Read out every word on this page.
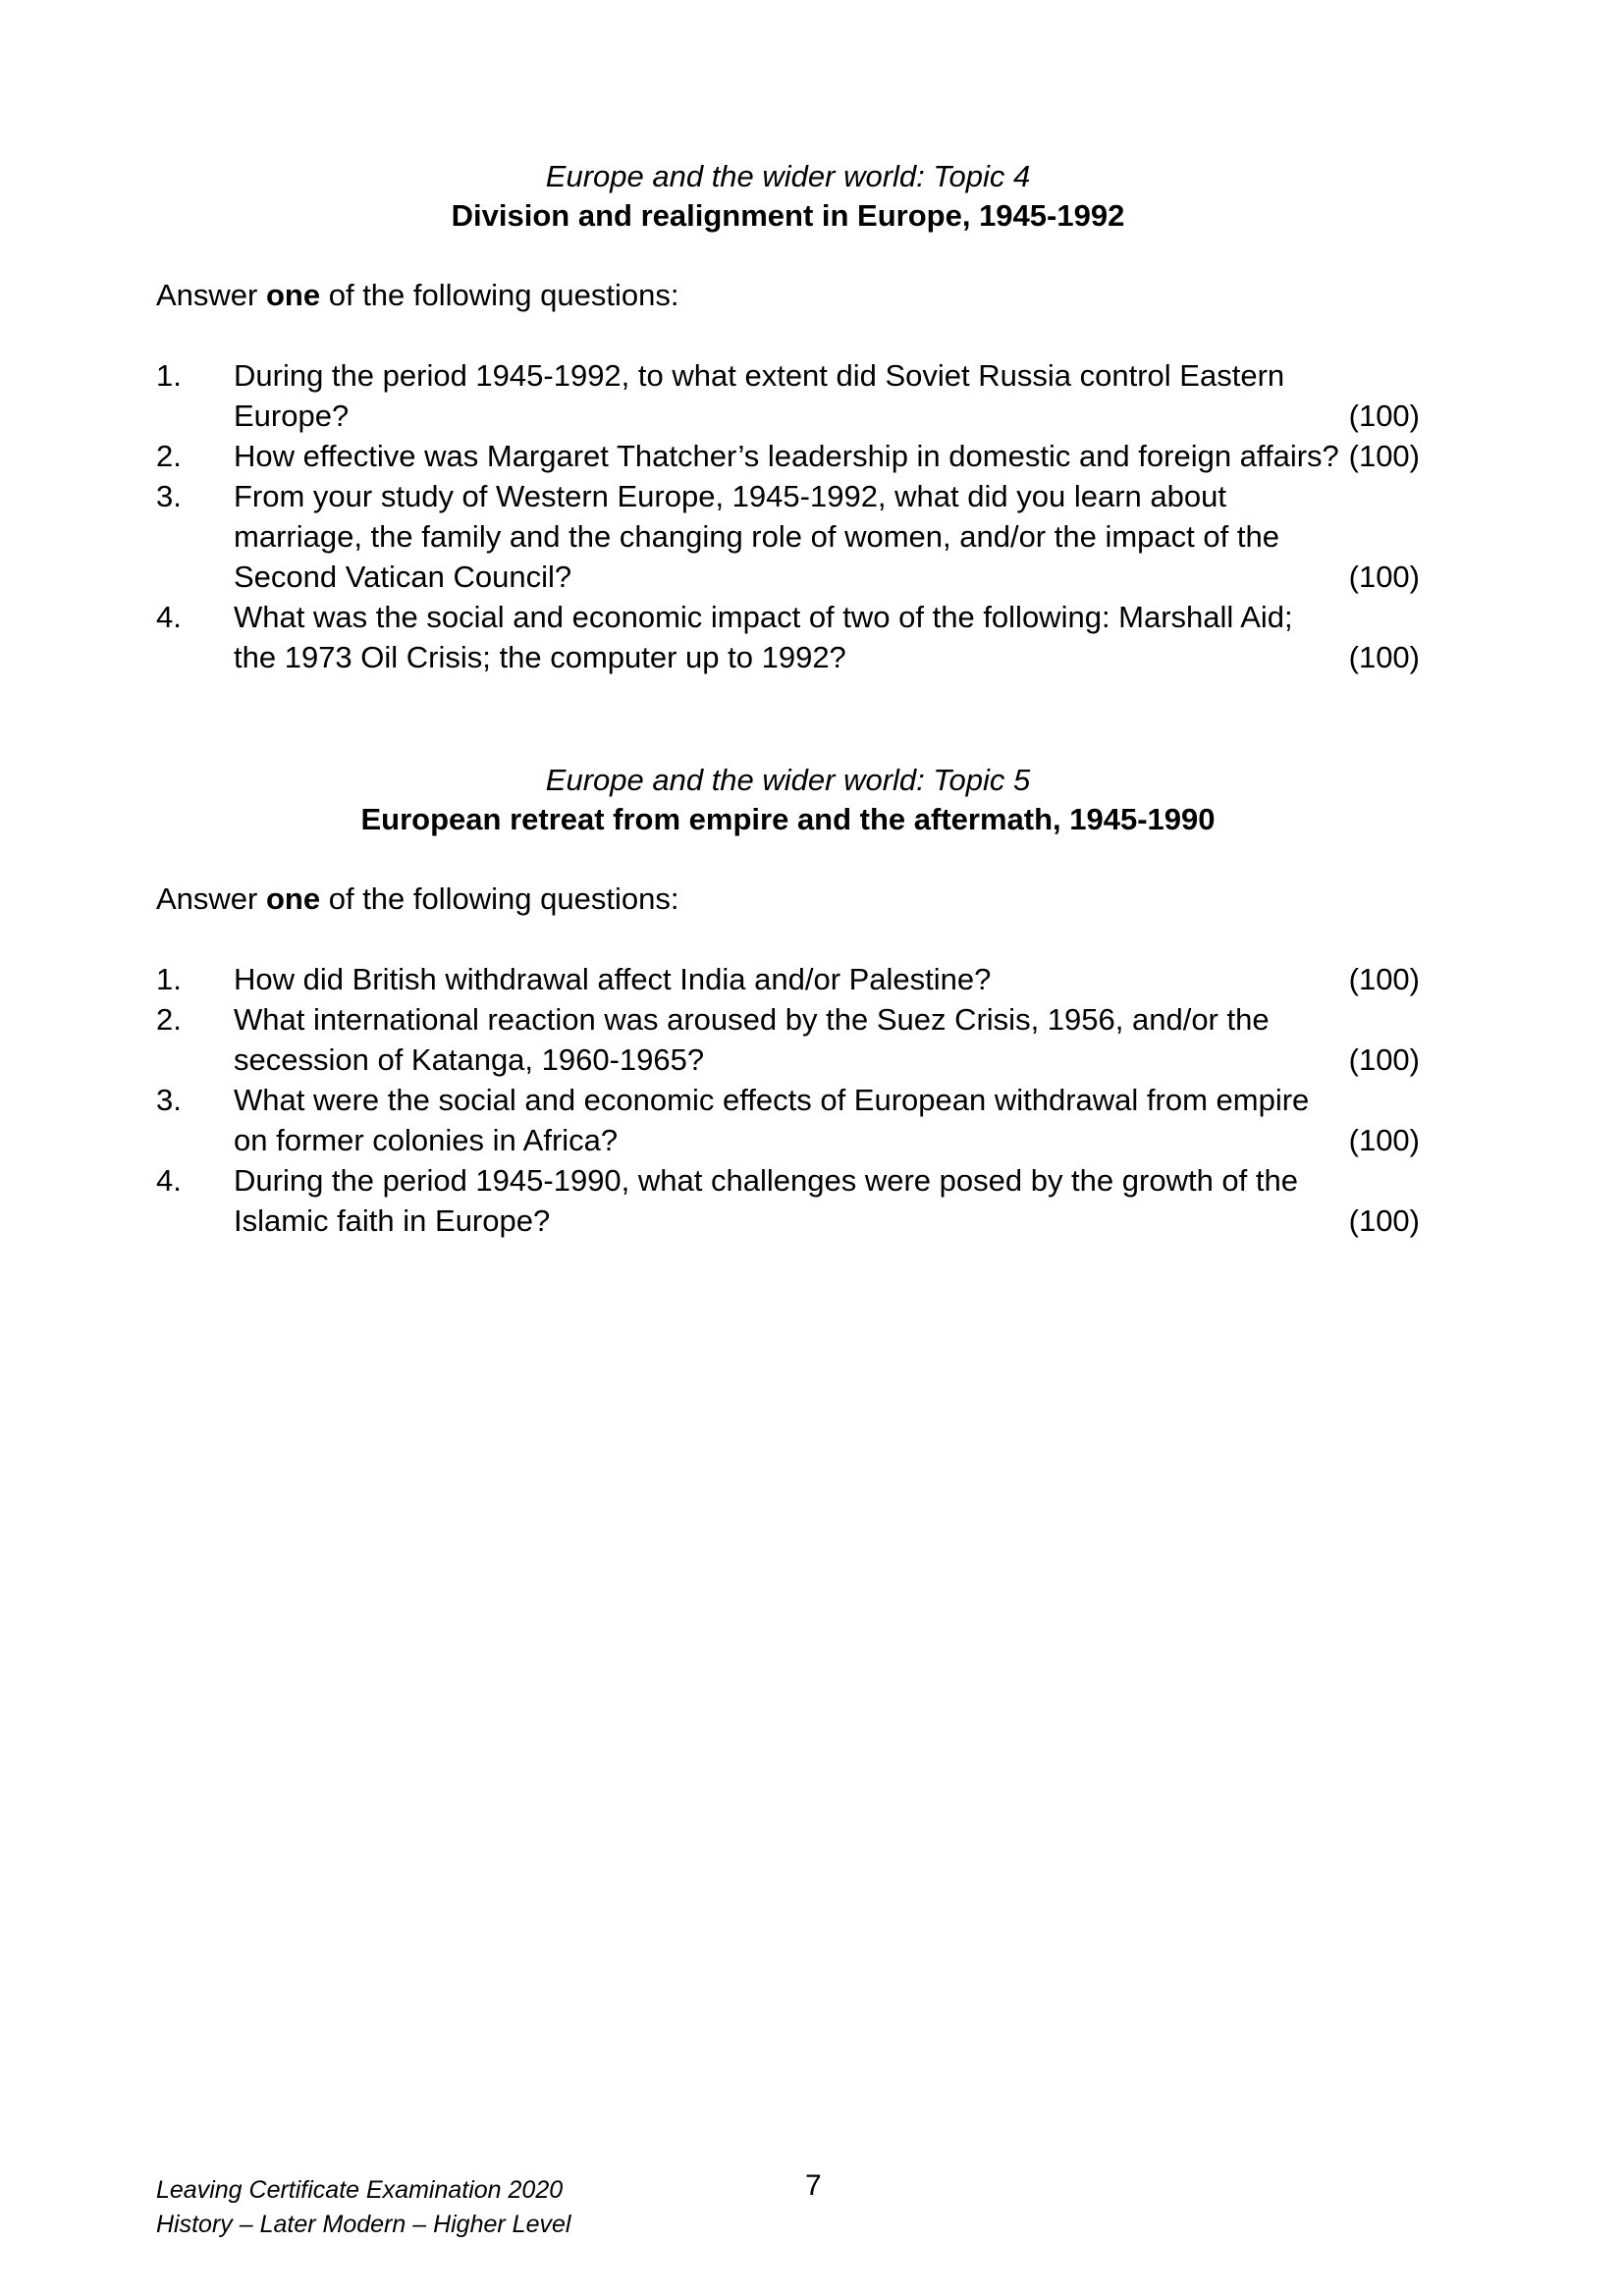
Europe and the wider world: Topic 4

Division and realignment in Europe, 1945-1992

Answer one of the following questions:

1.	During the period 1945-1992, to what extent did Soviet Russia control Eastern Europe?	(100)
2.	How effective was Margaret Thatcher’s leadership in domestic and foreign affairs? (100)
3.	From your study of Western Europe, 1945-1992, what did you learn about marriage, the family and the changing role of women, and/or the impact of the Second Vatican Council?	(100)
4.	What was the social and economic impact of two of the following: Marshall Aid; the 1973 Oil Crisis; the computer up to 1992?	(100)

Europe and the wider world: Topic 5

European retreat from empire and the aftermath, 1945-1990

Answer one of the following questions:

1.	How did British withdrawal affect India and/or Palestine?	(100)
2.	What international reaction was aroused by the Suez Crisis, 1956, and/or the secession of Katanga, 1960-1965?	(100)
3.	What were the social and economic effects of European withdrawal from empire on former colonies in Africa?	(100)
4.	During the period 1945-1990, what challenges were posed by the growth of the Islamic faith in Europe?	(100)
Leaving Certificate Examination 2020
History – Later Modern – Higher Level
7
